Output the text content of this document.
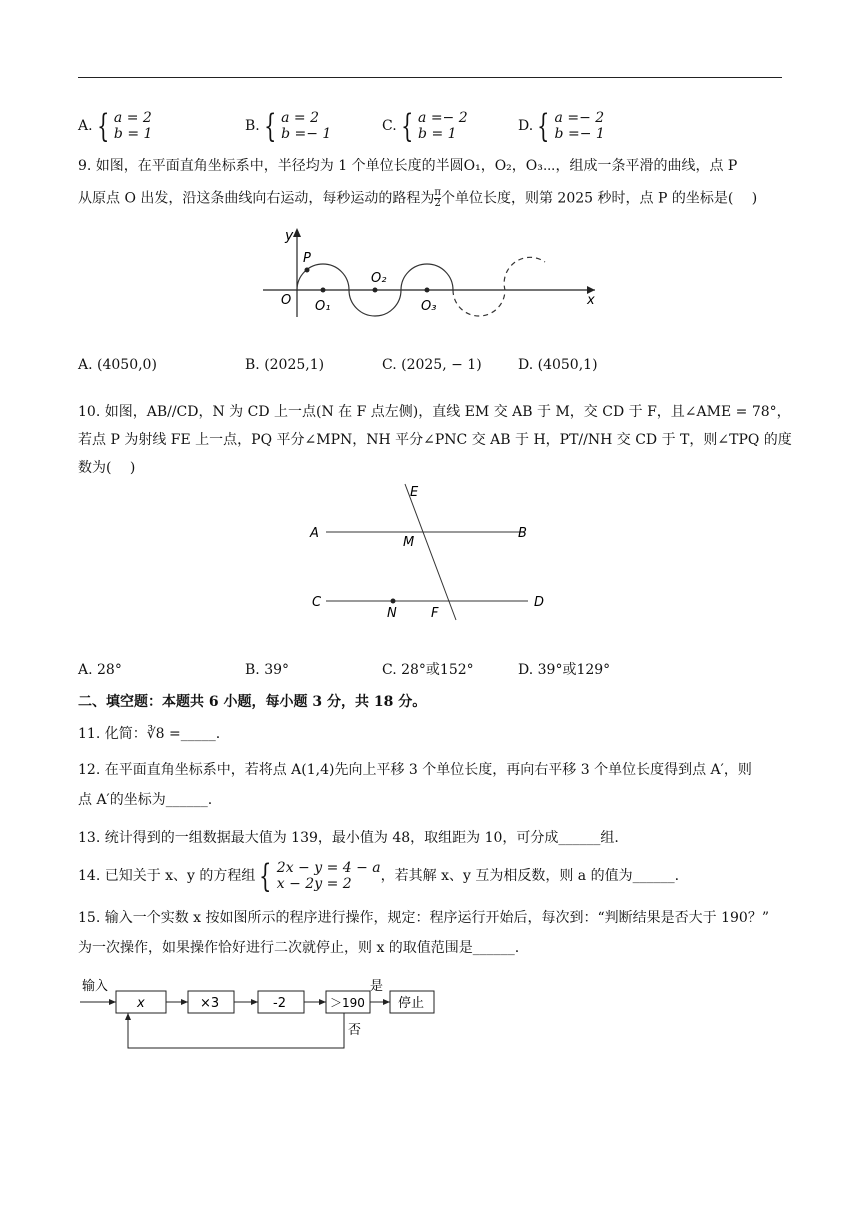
A. { a = 2
b = 1	B. { a = 2
b =− 1	C. { a =− 2
b = 1	D. { a =− 2
b =− 1
9. 如图，在平面直角坐标系中，半径均为 1 个单位长度的半圆O₁，O₂，O₃⋯，组成一条平滑的曲线，点 P
从原点 O 出发，沿这条曲线向右运动，每秒运动的路程为 $\frac{\pi}{2}$ 个单位长度，则第 2025 秒时，点 P 的坐标是(　 )
y
x
O
P
O₁
O₂
O₃
A. (4050,0)	B. (2025,1)	C. (2025, − 1)	D. (4050,1)
10. 如图，AB//CD，N 为 CD 上一点(N 在 F 点左侧)，直线 EM 交 AB 于 M，交 CD 于 F，且∠AME = 78°，
若点 P 为射线 FE 上一点，PQ 平分∠MPN，NH 平分∠PNC 交 AB 于 H，PT//NH 交 CD 于 T，则∠TPQ 的度
数为(　 )
E
A	B
M
C	D
N	F
A. 28°	B. 39°	C. 28°或152°	D. 39°或129°
二、填空题：本题共 6 小题，每小题 3 分，共 18 分。
11. 化简：∛8 =_____.
12. 在平面直角坐标系中，若将点 A(1,4)先向上平移 3 个单位长度，再向右平移 3 个单位长度得到点 A′，则
点 A′的坐标为______.
13. 统计得到的一组数据最大值为 139，最小值为 48，取组距为 10，可分成______组.
14. 已知关于 x、y 的方程组 { 2x − y = 4 − a
x − 2y = 2	，若其解 x、y 互为相反数，则 a 的值为______.
15. 输入一个实数 x 按如图所示的程序进行操作，规定：程序运行开始后，每次到：“判断结果是否大于 190？”
为一次操作，如果操作恰好进行二次就停止，则 x 的取值范围是______.
输入
x	×3	-2	＞190
是
停止
否
